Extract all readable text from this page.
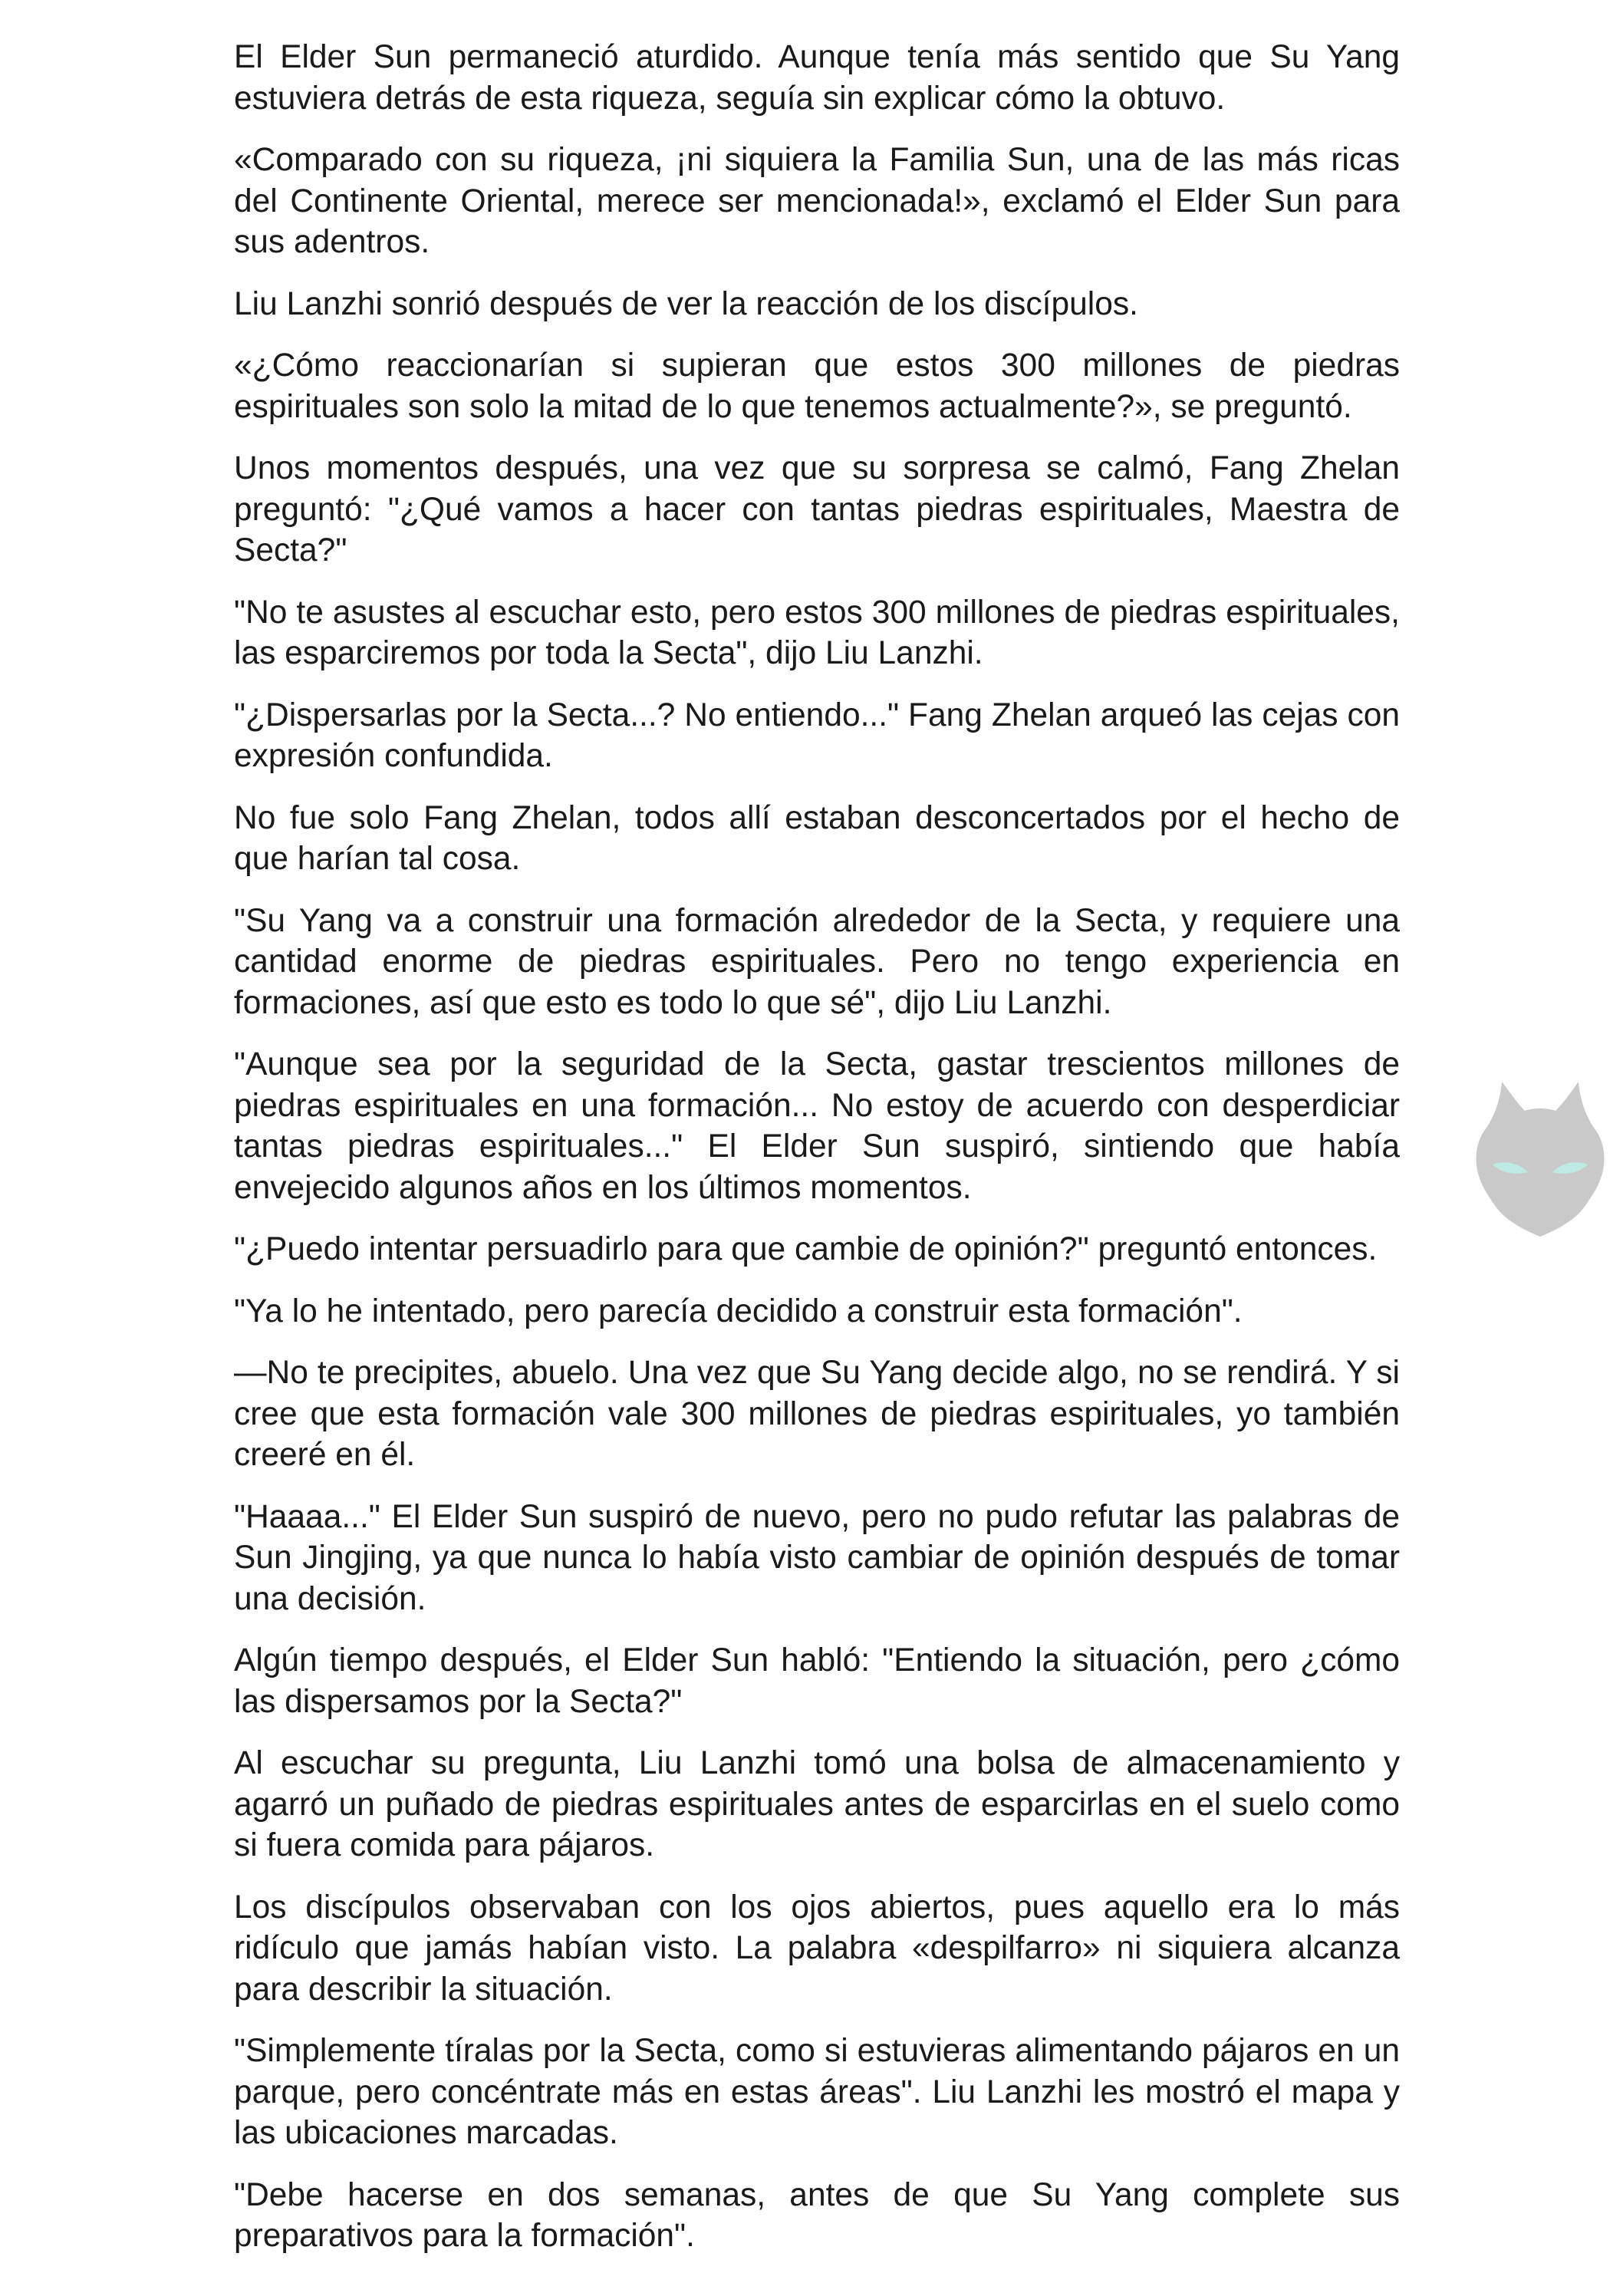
El Elder Sun permaneció aturdido. Aunque tenía más sentido que Su Yang estuviera detrás de esta riqueza, seguía sin explicar cómo la obtuvo.

«Comparado con su riqueza, ¡ni siquiera la Familia Sun, una de las más ricas del Continente Oriental, merece ser mencionada!», exclamó el Elder Sun para sus adentros.

Liu Lanzhi sonrió después de ver la reacción de los discípulos.

«¿Cómo reaccionarían si supieran que estos 300 millones de piedras espirituales son solo la mitad de lo que tenemos actualmente?», se preguntó.

Unos momentos después, una vez que su sorpresa se calmó, Fang Zhelan preguntó: "¿Qué vamos a hacer con tantas piedras espirituales, Maestra de Secta?"

"No te asustes al escuchar esto, pero estos 300 millones de piedras espirituales, las esparciremos por toda la Secta", dijo Liu Lanzhi.

"¿Dispersarlas por la Secta...? No entiendo..." Fang Zhelan arqueó las cejas con expresión confundida.

No fue solo Fang Zhelan, todos allí estaban desconcertados por el hecho de que harían tal cosa.

"Su Yang va a construir una formación alrededor de la Secta, y requiere una cantidad enorme de piedras espirituales. Pero no tengo experiencia en formaciones, así que esto es todo lo que sé", dijo Liu Lanzhi.

"Aunque sea por la seguridad de la Secta, gastar trescientos millones de piedras espirituales en una formación... No estoy de acuerdo con desperdiciar tantas piedras espirituales..." El Elder Sun suspiró, sintiendo que había envejecido algunos años en los últimos momentos.

"¿Puedo intentar persuadirlo para que cambie de opinión?" preguntó entonces.

"Ya lo he intentado, pero parecía decidido a construir esta formación".

—No te precipites, abuelo. Una vez que Su Yang decide algo, no se rendirá. Y si cree que esta formación vale 300 millones de piedras espirituales, yo también creeré en él.

"Haaaa..." El Elder Sun suspiró de nuevo, pero no pudo refutar las palabras de Sun Jingjing, ya que nunca lo había visto cambiar de opinión después de tomar una decisión.

Algún tiempo después, el Elder Sun habló: "Entiendo la situación, pero ¿cómo las dispersamos por la Secta?"

Al escuchar su pregunta, Liu Lanzhi tomó una bolsa de almacenamiento y agarró un puñado de piedras espirituales antes de esparcirlas en el suelo como si fuera comida para pájaros.

Los discípulos observaban con los ojos abiertos, pues aquello era lo más ridículo que jamás habían visto. La palabra «despilfarro» ni siquiera alcanza para describir la situación.

"Simplemente tíralas por la Secta, como si estuvieras alimentando pájaros en un parque, pero concéntrate más en estas áreas". Liu Lanzhi les mostró el mapa y las ubicaciones marcadas.

"Debe hacerse en dos semanas, antes de que Su Yang complete sus preparativos para la formación".
